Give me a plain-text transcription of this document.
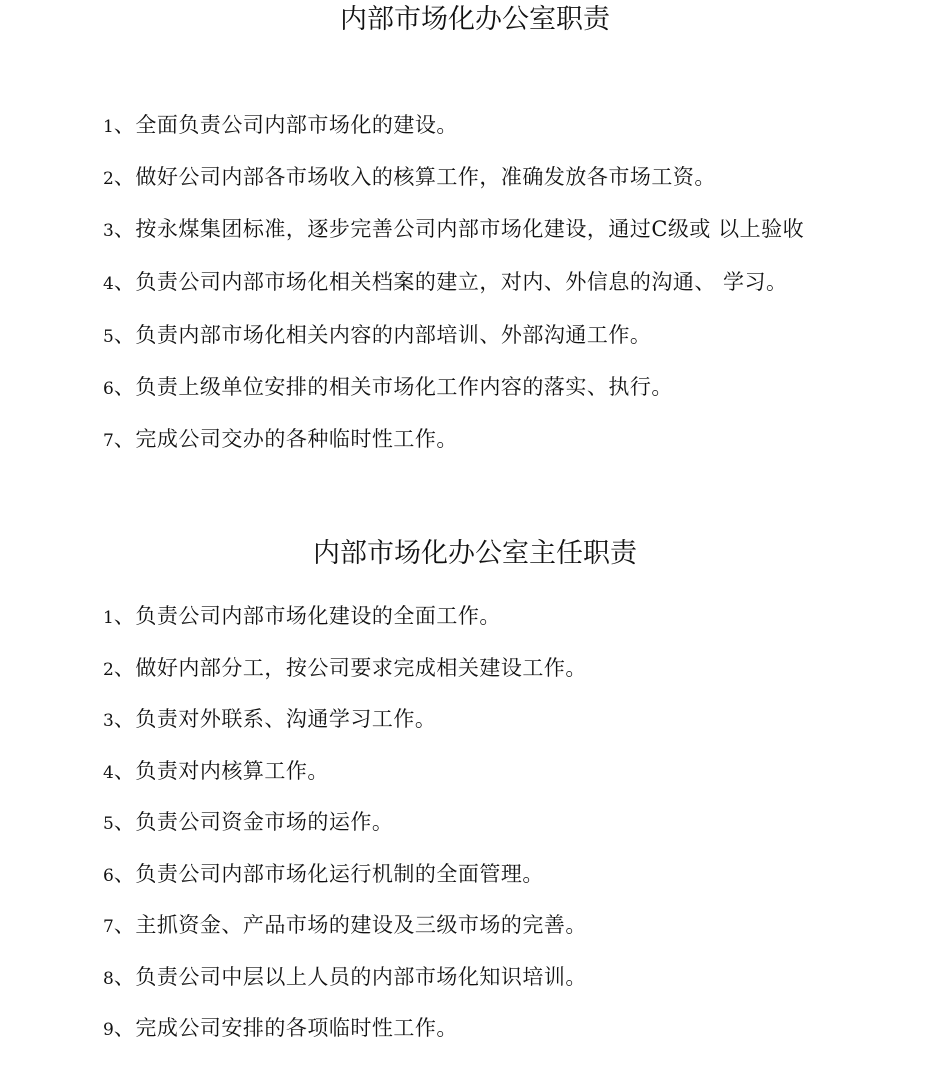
内部市场化办公室职责
1、全面负责公司内部市场化的建设。
2、做好公司内部各市场收入的核算工作，准确发放各市场工资。
3、按永煤集团标准，逐步完善公司内部市场化建设，通过C级或 以上验收
4、负责公司内部市场化相关档案的建立，对内、外信息的沟通、 学习。
5、负责内部市场化相关内容的内部培训、外部沟通工作。
6、负责上级单位安排的相关市场化工作内容的落实、执行。
7、完成公司交办的各种临时性工作。
内部市场化办公室主任职责
1、负责公司内部市场化建设的全面工作。
2、做好内部分工，按公司要求完成相关建设工作。
3、负责对外联系、沟通学习工作。
4、负责对内核算工作。
5、负责公司资金市场的运作。
6、负责公司内部市场化运行机制的全面管理。
7、主抓资金、产品市场的建设及三级市场的完善。
8、负责公司中层以上人员的内部市场化知识培训。
9、完成公司安排的各项临时性工作。
